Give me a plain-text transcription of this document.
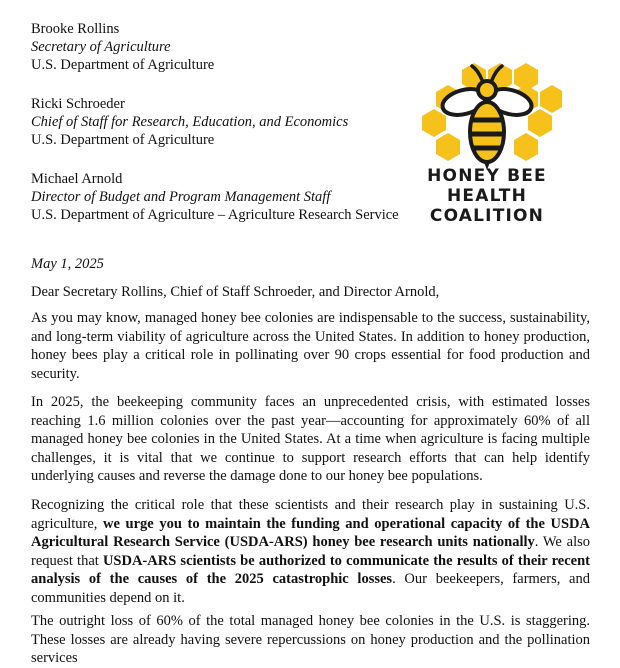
Brooke Rollins
Secretary of Agriculture
U.S. Department of Agriculture
Ricki Schroeder
Chief of Staff for Research, Education, and Economics
U.S. Department of Agriculture
Michael Arnold
Director of Budget and Program Management Staff
U.S. Department of Agriculture – Agriculture Research Service
HONEY BEE
HEALTH
COALITION
May 1, 2025
Dear Secretary Rollins, Chief of Staff Schroeder, and Director Arnold,

As you may know, managed honey bee colonies are indispensable to the success, sustainability, and long-term viability of agriculture across the United States. In addition to honey production, honey bees play a critical role in pollinating over 90 crops essential for food production and security.

In 2025, the beekeeping community faces an unprecedented crisis, with estimated losses reaching 1.6 million colonies over the past year—accounting for approximately 60% of all managed honey bee colonies in the United States. At a time when agriculture is facing multiple challenges, it is vital that we continue to support research efforts that can help identify underlying causes and reverse the damage done to our honey bee populations.

Recognizing the critical role that these scientists and their research play in sustaining U.S. agriculture, we urge you to maintain the funding and operational capacity of the USDA Agricultural Research Service (USDA-ARS) honey bee research units nationally. We also request that USDA-ARS scientists be authorized to communicate the results of their recent analysis of the causes of the 2025 catastrophic losses. Our beekeepers, farmers, and communities depend on it.

The outright loss of 60% of the total managed honey bee colonies in the U.S. is staggering. These losses are already having severe repercussions on honey production and the pollination services
